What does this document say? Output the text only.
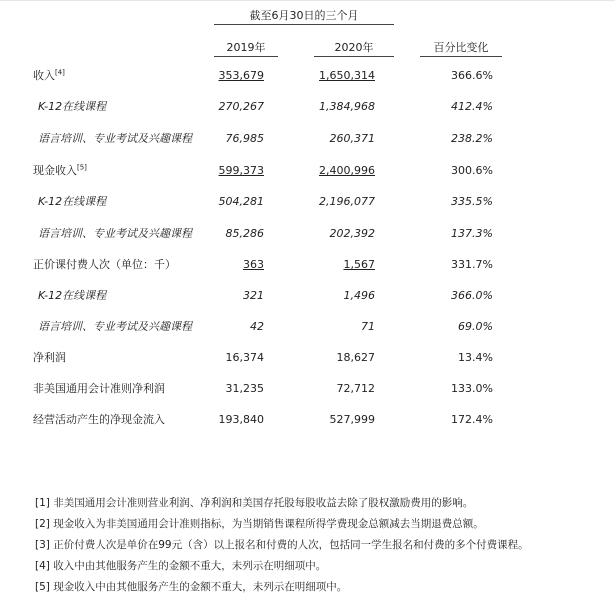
截至6月30日的三个月
2019年	2020年	百分比变化
收入[4]	353,679	1,650,314	366.6%
K-12在线课程	270,267	1,384,968	412.4%
语言培训、专业考试及兴趣课程	76,985	260,371	238.2%
现金收入[5]	599,373	2,400,996	300.6%
K-12在线课程	504,281	2,196,077	335.5%
语言培训、专业考试及兴趣课程	85,286	202,392	137.3%
正价课付费人次（单位：千）	363	1,567	331.7%
K-12在线课程	321	1,496	366.0%
语言培训、专业考试及兴趣课程	42	71	69.0%
净利润	16,374	18,627	13.4%
非美国通用会计准则净利润	31,235	72,712	133.0%
经营活动产生的净现金流入	193,840	527,999	172.4%
[1] 非美国通用会计准则营业利润、净利润和美国存托股每股收益去除了股权激励费用的影响。
[2] 现金收入为非美国通用会计准则指标，为当期销售课程所得学费现金总额减去当期退费总额。
[3] 正价付费人次是单价在99元（含）以上报名和付费的人次，包括同一学生报名和付费的多个付费课程。
[4] 收入中由其他服务产生的金额不重大，未列示在明细项中。
[5] 现金收入中由其他服务产生的金额不重大，未列示在明细项中。
